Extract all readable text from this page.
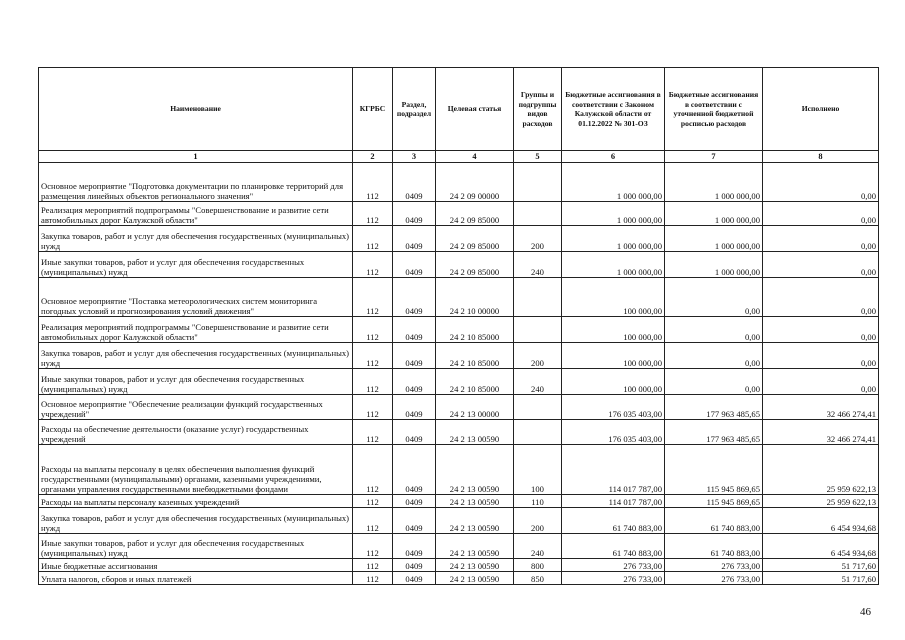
Наименование	КГРБС	Раздел, подраздел	Целевая статья	Группы и подгруппы видов расходов	Бюджетные ассигнования в соответствии с Законом Калужской области от 01.12.2022 № 301-ОЗ	Бюджетные ассигнования в соответствии с уточненной бюджетной росписью расходов	Исполнено
1	2	3	4	5	6	7	8
Основное мероприятие "Подготовка документации по планировке территорий для размещения линейных объектов регионального значения"	112	0409	24 2 09 00000		1 000 000,00	1 000 000,00	0,00
Реализация мероприятий подпрограммы "Совершенствование и развитие сети автомобильных дорог Калужской области"	112	0409	24 2 09 85000		1 000 000,00	1 000 000,00	0,00
Закупка товаров, работ и услуг для обеспечения государственных (муниципальных) нужд	112	0409	24 2 09 85000	200	1 000 000,00	1 000 000,00	0,00
Иные закупки товаров, работ и услуг для обеспечения государственных (муниципальных) нужд	112	0409	24 2 09 85000	240	1 000 000,00	1 000 000,00	0,00
Основное мероприятие "Поставка метеорологических систем мониторинга погодных условий и прогнозирования условий движения"	112	0409	24 2 10 00000		100 000,00	0,00	0,00
Реализация мероприятий подпрограммы "Совершенствование и развитие сети автомобильных дорог Калужской области"	112	0409	24 2 10 85000		100 000,00	0,00	0,00
Закупка товаров, работ и услуг для обеспечения государственных (муниципальных) нужд	112	0409	24 2 10 85000	200	100 000,00	0,00	0,00
Иные закупки товаров, работ и услуг для обеспечения государственных (муниципальных) нужд	112	0409	24 2 10 85000	240	100 000,00	0,00	0,00
Основное мероприятие "Обеспечение реализации функций государственных учреждений"	112	0409	24 2 13 00000		176 035 403,00	177 963 485,65	32 466 274,41
Расходы на обеспечение деятельности (оказание услуг) государственных учреждений	112	0409	24 2 13 00590		176 035 403,00	177 963 485,65	32 466 274,41
Расходы на выплаты персоналу в целях обеспечения выполнения функций государственными (муниципальными) органами, казенными учреждениями, органами управления государственными внебюджетными фондами	112	0409	24 2 13 00590	100	114 017 787,00	115 945 869,65	25 959 622,13
Расходы на выплаты персоналу казенных учреждений	112	0409	24 2 13 00590	110	114 017 787,00	115 945 869,65	25 959 622,13
Закупка товаров, работ и услуг для обеспечения государственных (муниципальных) нужд	112	0409	24 2 13 00590	200	61 740 883,00	61 740 883,00	6 454 934,68
Иные закупки товаров, работ и услуг для обеспечения государственных (муниципальных) нужд	112	0409	24 2 13 00590	240	61 740 883,00	61 740 883,00	6 454 934,68
Иные бюджетные ассигнования	112	0409	24 2 13 00590	800	276 733,00	276 733,00	51 717,60
Уплата налогов, сборов и иных платежей	112	0409	24 2 13 00590	850	276 733,00	276 733,00	51 717,60
46
